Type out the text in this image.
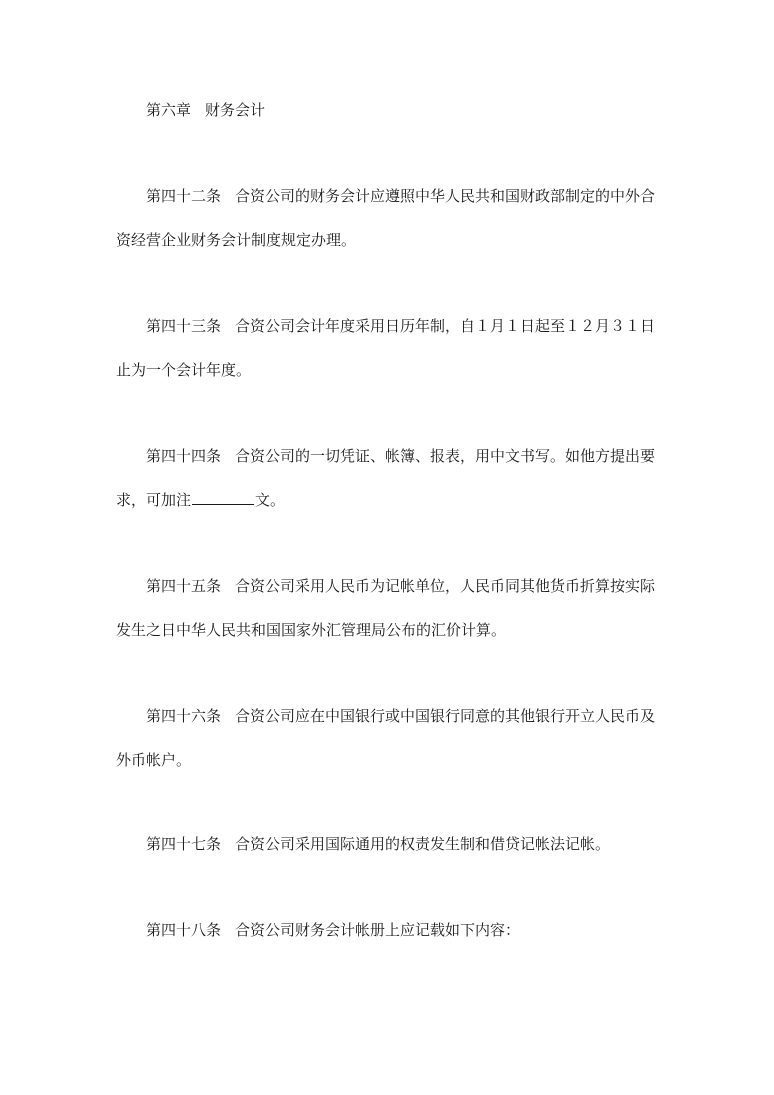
第六章 财务会计
第四十二条 合资公司的财务会计应遵照中华人民共和国财政部制定的中外合
资经营企业财务会计制度规定办理。
第四十三条 合资公司会计年度采用日历年制，自１月１日起至１２月３１日
止为一个会计年度。
第四十四条 合资公司的一切凭证、帐簿、报表，用中文书写。如他方提出要
求，可加注	文。
第四十五条 合资公司采用人民币为记帐单位，人民币同其他货币折算按实际
发生之日中华人民共和国国家外汇管理局公布的汇价计算。
第四十六条 合资公司应在中国银行或中国银行同意的其他银行开立人民币及
外币帐户。
第四十七条 合资公司采用国际通用的权责发生制和借贷记帐法记帐。
第四十八条 合资公司财务会计帐册上应记载如下内容：
